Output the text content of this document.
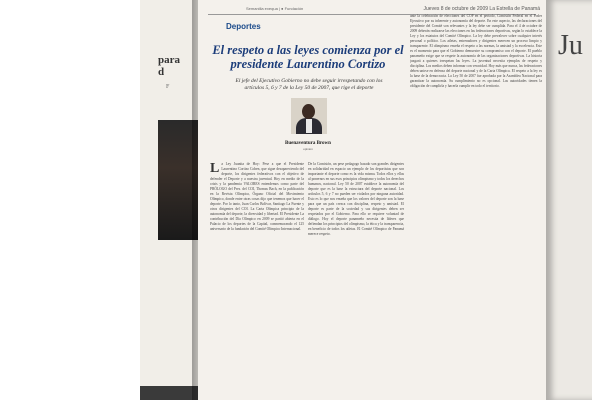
para
d
F
Semanilla exequa | ● Fundación	Jueves 8 de octubre de 2009 La Estrella de Panamá
Deportes
El respeto a las leyes comienza por el presidente Laurentino Cortizo
El jefe del Ejecutivo Gobierno no debe seguir irrespetando con los artículos 5, 6 y 7 de la Ley 50 de 2007, que rige el deporte
Buenaventura Brown
opinion
La Ley Juanita de Hoy: Pese a que el Presidente Laurentino Cortizo Cohen, que sigue desapareciendo del deporte, los dirigentes federativos con el objetivo de defender el Deporte y a nuestra juventud. Hoy en medio de la crisis y la pandemia VALORES entendemos como parte del PRÓLOGO del Pres. del COI, Thomas Bach, en la publicación en la Revista Olímpica, Órgano Oficial del Movimiento Olímpico, donde entre otras cosas dijo que tenemos que hacer el deporte. Por lo tanto, Juan Carlos Bolívar, Santiago La Fuente y otros dirigentes del COI. La Carta Olímpica principio de la autonomía del deporte, la diversidad y libertad. El Presidente La contribución del Día Olímpico en 2009 se partió abierta en el Palacio de los deportes de la Capital, conmemorando el 125 aniversario de la fundación del Comité Olímpico Internacional.
De la Comisión, un pese pedagogo basado son grandes dirigentes en solidaridad en espacio un ejemplo de los deportistas que son importante el deporte como es la vida misma. Todos ellos y ellas al ponernos en sus esos principios olimpismo y todos los derechos humanos, nacional. Ley 50 de 2007 establece la autonomía del deporte que es la base la estructura del deporte nacional. Los artículos 5, 6 y 7 no pueden ser violados por ninguna autoridad. Esto es lo que nos enseña que los valores del deporte son la base para que un país crezca con disciplina, respeto y amistad. El deporte es parte de la sociedad y sus dirigentes deben ser respetados por el Gobierno. Para ello se requiere voluntad de diálogo. Hoy el deporte panameño necesita de líderes que defiendan los principios del olimpismo, la ética y la transparencia, en beneficio de todos los atletas. El Comité Olímpico de Panamá merece respeto.
ante la celebración de elecciones del COP en el periodo, Comisión Federal en el Poder Ejecutivo por su inherente y autonomía del deporte. En este aspecto, las declaraciones del presidente del Comité son relevantes y la ley debe ser cumplida. Para el 4 de octubre de 2009 deberán realizarse las elecciones en las federaciones deportivas, según lo establece la Ley y los estatutos del Comité Olímpico. La ley debe prevalecer sobre cualquier interés personal o político. Los atletas, entrenadores y dirigentes merecen un proceso limpio y transparente. El olimpismo enseña el respeto a las normas, la amistad y la excelencia. Este es el momento para que el Gobierno demuestre su compromiso con el deporte. El pueblo panameño exige que se respete la autonomía de las organizaciones deportivas. La historia juzgará a quienes irrespetan las leyes. La juventud necesita ejemplos de respeto y disciplina. Los medios deben informar con veracidad. Hoy más que nunca, las federaciones deben unirse en defensa del deporte nacional y de la Carta Olímpica. El respeto a la ley es la base de la democracia. La Ley 50 de 2007 fue aprobada por la Asamblea Nacional para garantizar la autonomía. Su cumplimiento no es opcional. Las autoridades tienen la obligación de cumplirla y hacerla cumplir en todo el territorio.
Ju
